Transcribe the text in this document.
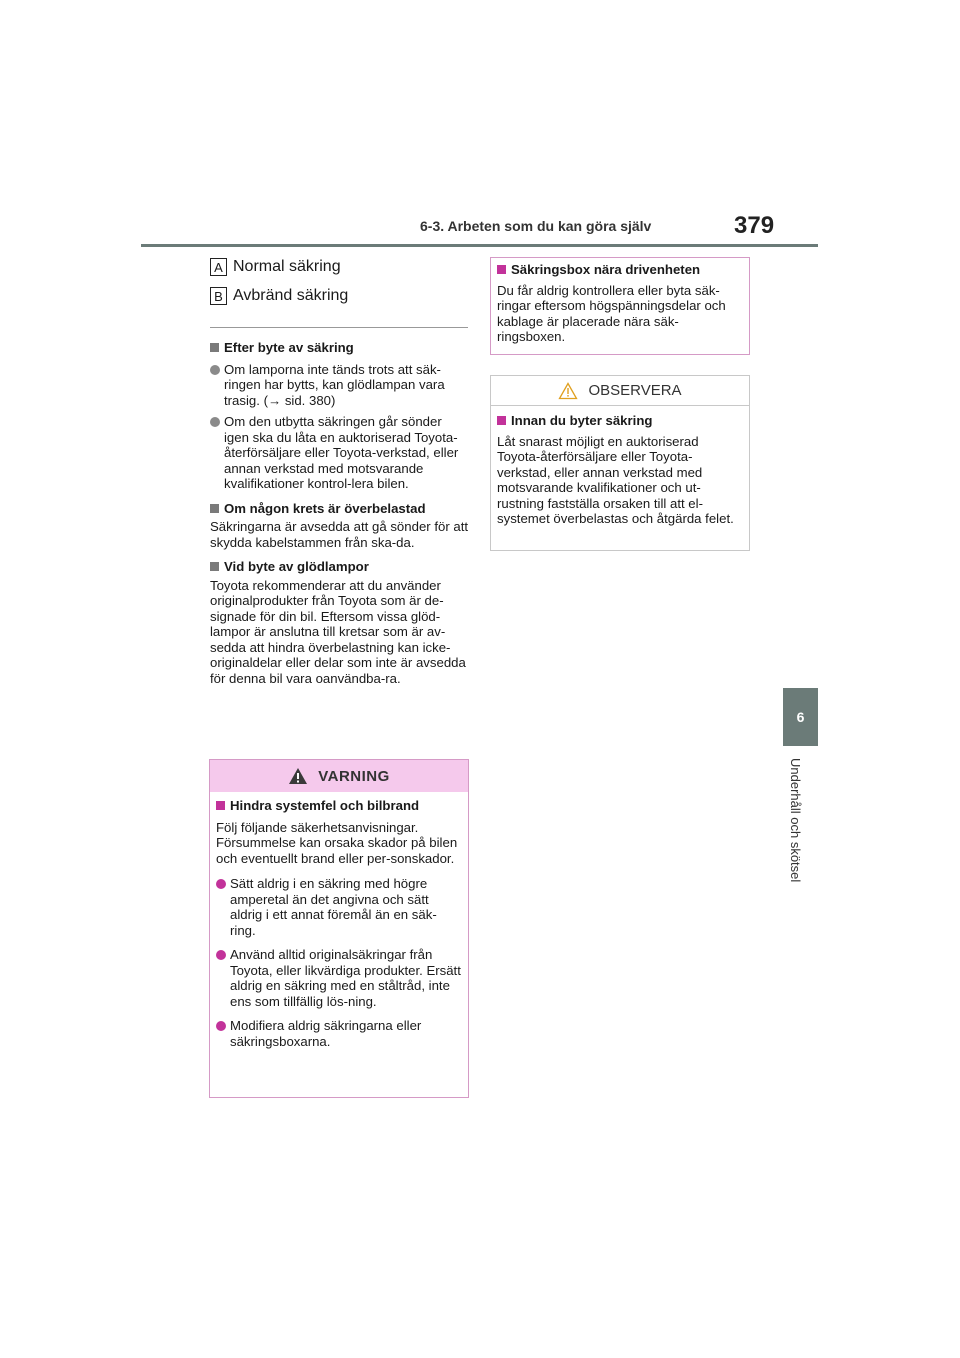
6-3. Arbeten som du kan göra själv	379
6
Underhåll och skötsel
A Normal säkring
B Avbränd säkring
Efter byte av säkring
Om lamporna inte tänds trots att säk-ringen har bytts, kan glödlampan vara trasig. (→ sid. 380)
Om den utbytta säkringen går sönder igen ska du låta en auktoriserad Toyota-återförsäljare eller Toyota-verkstad, eller annan verkstad med motsvarande kvalifikationer kontrol-lera bilen.
Om någon krets är överbelastad
Säkringarna är avsedda att gå sönder för att skydda kabelstammen från ska-da.
Vid byte av glödlampor
Toyota rekommenderar att du använder originalprodukter från Toyota som är de-signade för din bil. Eftersom vissa glöd-lampor är anslutna till kretsar som är av-sedda att hindra överbelastning kan icke-originaldelar eller delar som inte är avsedda för denna bil vara oanvändba-ra.
VARNING
Hindra systemfel och bilbrand
Följ följande säkerhetsanvisningar. Försummelse kan orsaka skador på bilen och eventuellt brand eller per-sonskador.
Sätt aldrig i en säkring med högre amperetal än det angivna och sätt aldrig i ett annat föremål än en säk-ring.
Använd alltid originalsäkringar från Toyota, eller likvärdiga produkter. Ersätt aldrig en säkring med en ståltråd, inte ens som tillfällig lös-ning.
Modifiera aldrig säkringarna eller säkringsboxarna.
Säkringsbox nära drivenheten
Du får aldrig kontrollera eller byta säk-ringar eftersom högspänningsdelar och kablage är placerade nära säk-ringsboxen.
OBSERVERA
Innan du byter säkring
Låt snarast möjligt en auktoriserad Toyota-återförsäljare eller Toyota-verkstad, eller annan verkstad med motsvarande kvalifikationer och ut-rustning fastställa orsaken till att el-systemet överbelastas och åtgärda felet.
